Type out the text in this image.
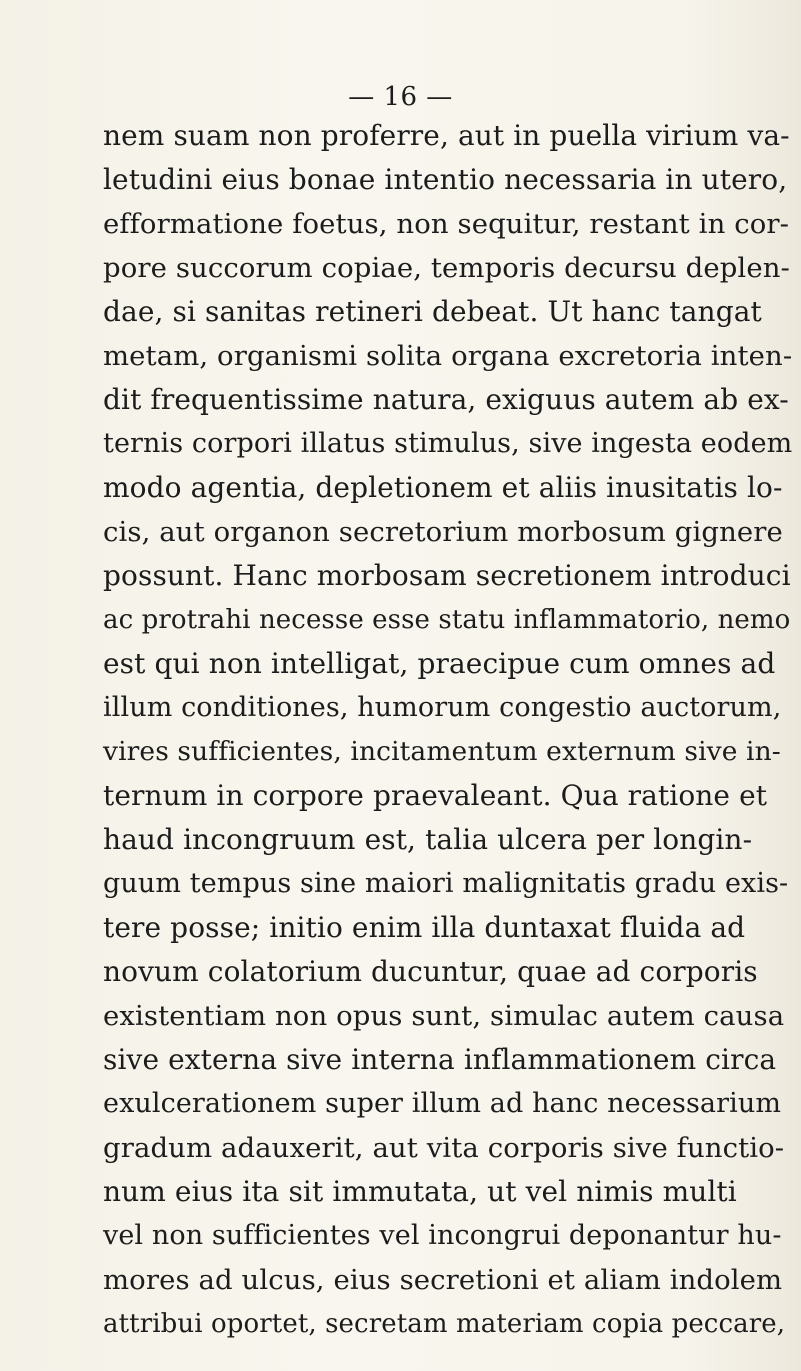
— 16 —
nem suam non proferre, aut in puella virium va-
letudini eius bonae intentio necessaria in utero,
efformatione foetus, non sequitur, restant in cor-
pore succorum copiae, temporis decursu deplen-
dae, si sanitas retineri debeat. Ut hanc tangat
metam, organismi solita organa excretoria inten-
dit frequentissime natura, exiguus autem ab ex-
ternis corpori illatus stimulus, sive ingesta eodem
modo agentia, depletionem et aliis inusitatis lo-
cis, aut organon secretorium morbosum gignere
possunt. Hanc morbosam secretionem introduci
ac protrahi necesse esse statu inflammatorio, nemo
est qui non intelligat, praecipue cum omnes ad
illum conditiones, humorum congestio auctorum,
vires sufficientes, incitamentum externum sive in-
ternum in corpore praevaleant. Qua ratione et
haud incongruum est, talia ulcera per longin-
guum tempus sine maiori malignitatis gradu exis-
tere posse; initio enim illa duntaxat fluida ad
novum colatorium ducuntur, quae ad corporis
existentiam non opus sunt, simulac autem causa
sive externa sive interna inflammationem circa
exulcerationem super illum ad hanc necessarium
gradum adauxerit, aut vita corporis sive functio-
num eius ita sit immutata, ut vel nimis multi
vel non sufficientes vel incongrui deponantur hu-
mores ad ulcus, eius secretioni et aliam indolem
attribui oportet, secretam materiam copia peccare,
